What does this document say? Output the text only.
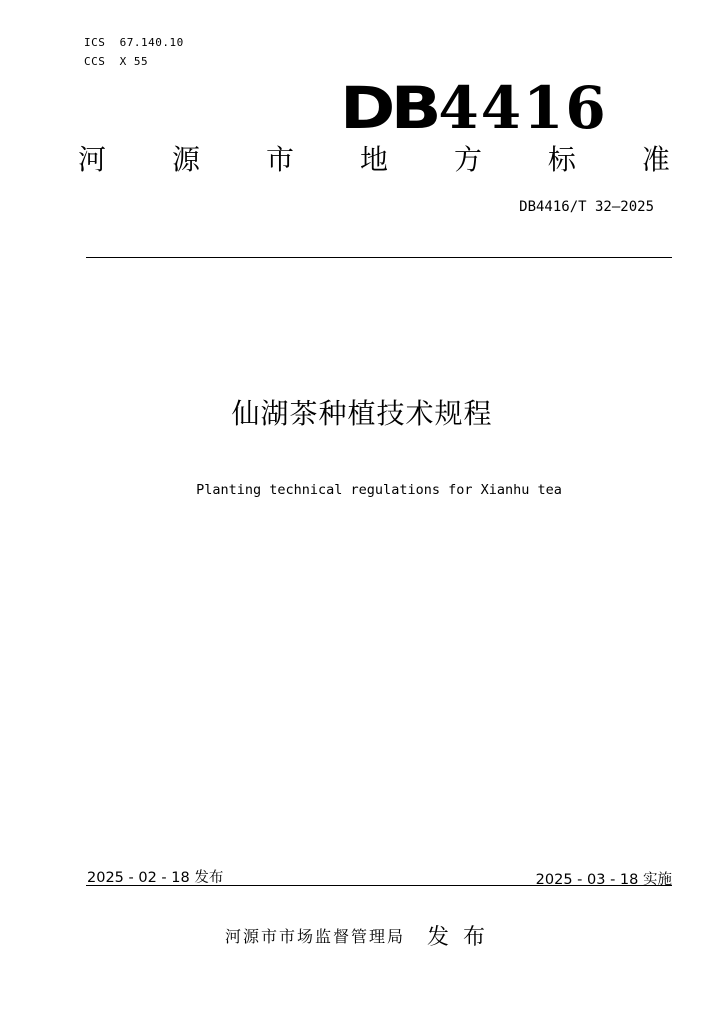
ICS  67.140.10
CCS  X 55
DB4416
河 源 市 地 方 标 准
DB4416/T 32—2025
仙湖茶种植技术规程
Planting technical regulations for Xianhu tea
2025 - 02 - 18 发布	2025 - 03 - 18 实施
河源市市场监督管理局 发布
